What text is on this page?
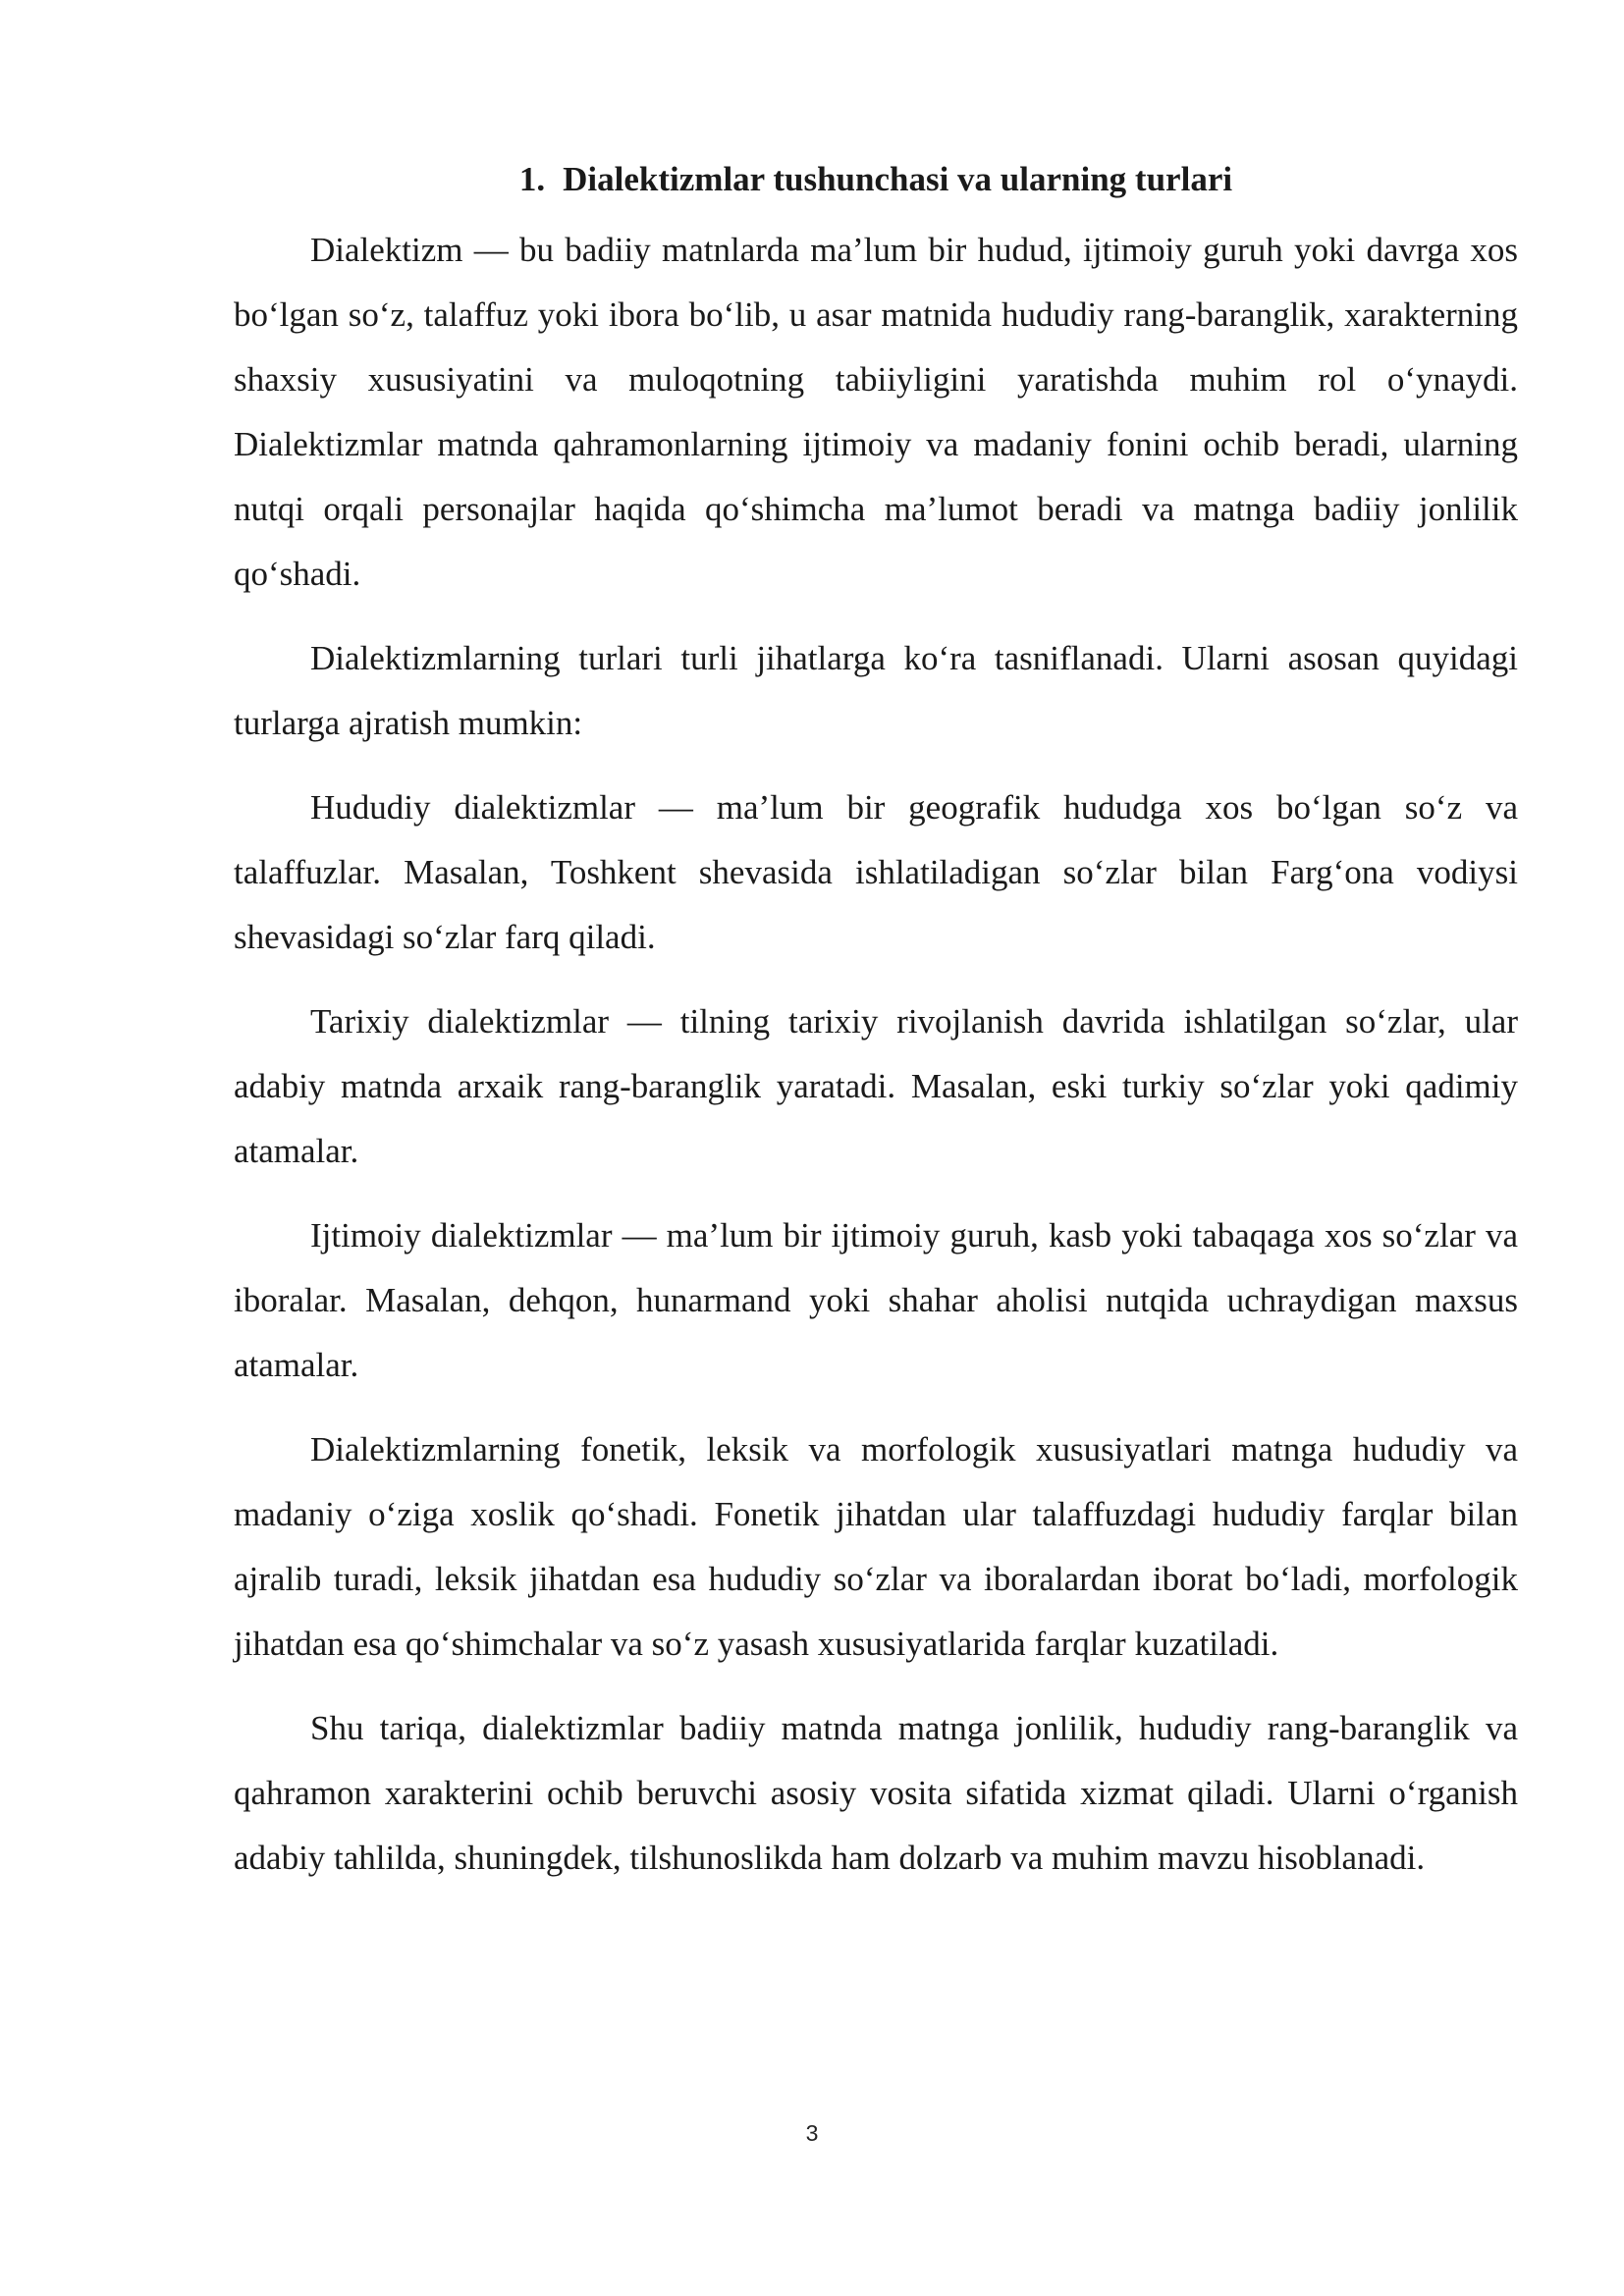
1. Dialektizmlar tushunchasi va ularning turlari

Dialektizm — bu badiiy matnlarda ma’lum bir hudud, ijtimoiy guruh yoki davrga xos bo‘lgan so‘z, talaffuz yoki ibora bo‘lib, u asar matnida hududiy rang-baranglik, xarakterning shaxsiy xususiyatini va muloqotning tabiiyligini yaratishda muhim rol o‘ynaydi. Dialektizmlar matnda qahramonlarning ijtimoiy va madaniy fonini ochib beradi, ularning nutqi orqali personajlar haqida qo‘shimcha ma’lumot beradi va matnga badiiy jonlilik qo‘shadi.

Dialektizmlarning turlari turli jihatlarga ko‘ra tasniflanadi. Ularni asosan quyidagi turlarga ajratish mumkin:

Hududiy dialektizmlar — ma’lum bir geografik hududga xos bo‘lgan so‘z va talaffuzlar. Masalan, Toshkent shevasida ishlatiladigan so‘zlar bilan Farg‘ona vodiysi shevasidagi so‘zlar farq qiladi.

Tarixiy dialektizmlar — tilning tarixiy rivojlanish davrida ishlatilgan so‘zlar, ular adabiy matnda arxaik rang-baranglik yaratadi. Masalan, eski turkiy so‘zlar yoki qadimiy atamalar.

Ijtimoiy dialektizmlar — ma’lum bir ijtimoiy guruh, kasb yoki tabaqaga xos so‘zlar va iboralar. Masalan, dehqon, hunarmand yoki shahar aholisi nutqida uchraydigan maxsus atamalar.

Dialektizmlarning fonetik, leksik va morfologik xususiyatlari matnga hududiy va madaniy o‘ziga xoslik qo‘shadi. Fonetik jihatdan ular talaffuzdagi hududiy farqlar bilan ajralib turadi, leksik jihatdan esa hududiy so‘zlar va iboralardan iborat bo‘ladi, morfologik jihatdan esa qo‘shimchalar va so‘z yasash xususiyatlarida farqlar kuzatiladi.

Shu tariqa, dialektizmlar badiiy matnda matnga jonlilik, hududiy rang-baranglik va qahramon xarakterini ochib beruvchi asosiy vosita sifatida xizmat qiladi. Ularni o‘rganish adabiy tahlilda, shuningdek, tilshunoslikda ham dolzarb va muhim mavzu hisoblanadi.

3
